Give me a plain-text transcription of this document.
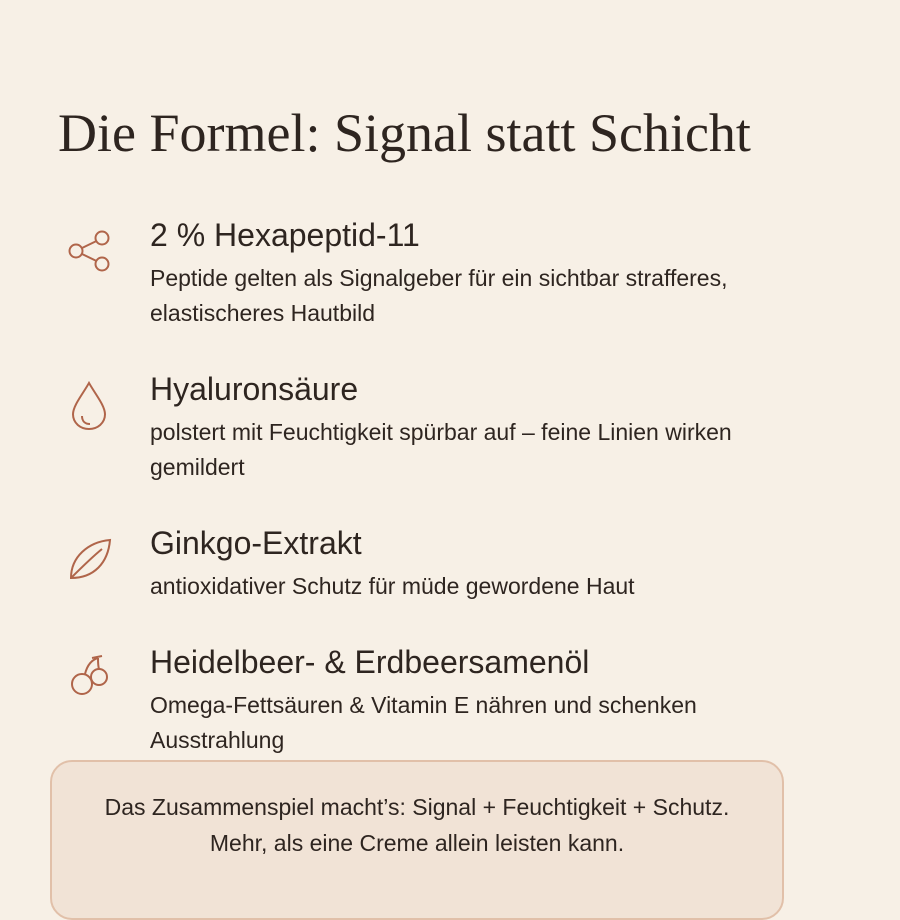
Die Formel: Signal statt Schicht
2 % Hexapeptid-11

Peptide gelten als Signalgeber für ein sichtbar strafferes, elastischeres Hautbild

Hyaluronsäure

polstert mit Feuchtigkeit spürbar auf – feine Linien wirken gemildert

Ginkgo-Extrakt

antioxidativer Schutz für müde gewordene Haut

Heidelbeer- & Erdbeersamenöl

Omega-Fettsäuren & Vitamin E nähren und schenken Ausstrahlung

Das Zusammenspiel macht’s: Signal + Feuchtigkeit + Schutz.
Mehr, als eine Creme allein leisten kann.
